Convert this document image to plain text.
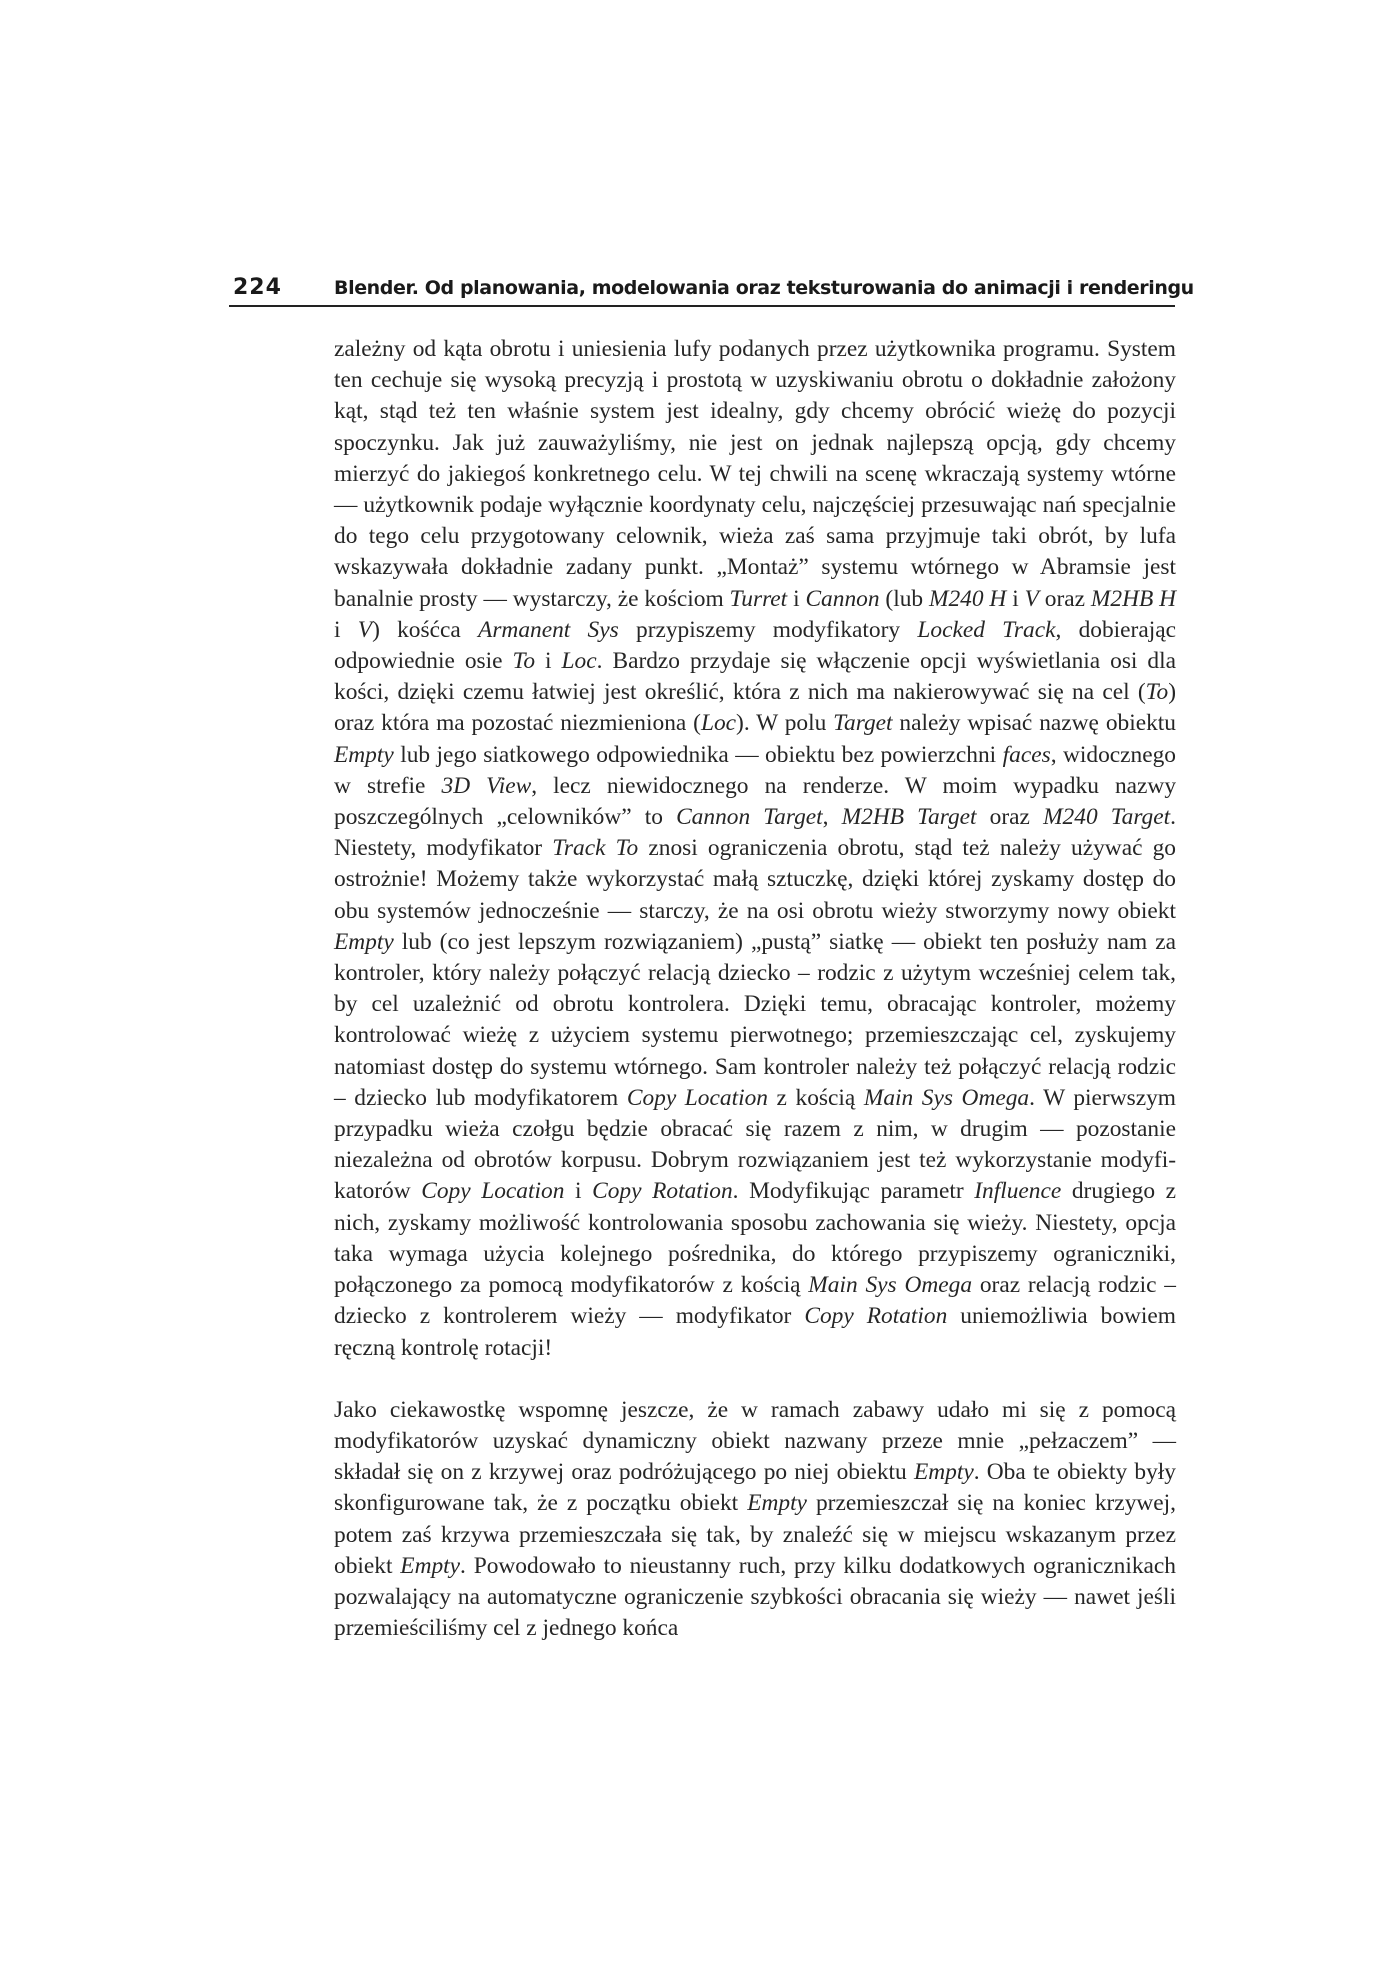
224	Blender. Od planowania, modelowania oraz teksturowania do animacji i renderingu

zależny od kąta obrotu i uniesienia lufy podanych przez użytkownika programu. System ten cechuje się wysoką precyzją i prostotą w uzyskiwaniu obrotu o dokładnie założony kąt, stąd też ten właśnie system jest idealny, gdy chcemy obrócić wieżę do pozycji spoczynku. Jak już zauważyliśmy, nie jest on jednak najlepszą opcją, gdy chcemy mierzyć do jakiegoś konkretnego celu. W tej chwili na scenę wkraczają systemy wtórne — użytkownik podaje wyłącznie koordynaty celu, najczęściej przesuwając nań specjalnie do tego celu przygotowany celownik, wieża zaś sama przyjmuje taki obrót, by lufa wskazywała dokładnie zadany punkt. „Montaż” systemu wtórnego w Abramsie jest banalnie prosty — wystarczy, że kościom Turret i Cannon (lub M240 H i V oraz M2HB H i V) kośćca Armanent Sys przypiszemy modyfikatory Locked Track, dobierając odpowiednie osie To i Loc. Bardzo przydaje się włączenie opcji wyświetlania osi dla kości, dzięki czemu łatwiej jest określić, która z nich ma nakierowywać się na cel (To) oraz która ma pozostać niezmieniona (Loc). W polu Target należy wpisać nazwę obiektu Empty lub jego siatkowego odpowiednika — obiektu bez powierzchni faces, widocznego w strefie 3D View, lecz niewidocznego na renderze. W moim wypadku nazwy poszczególnych „celowników” to Cannon Target, M2HB Target oraz M240 Target. Niestety, modyfikator Track To znosi ograniczenia obrotu, stąd też należy używać go ostrożnie! Możemy także wykorzystać małą sztuczkę, dzięki której zyskamy dostęp do obu systemów jednocześnie — starczy, że na osi obrotu wieży stworzymy nowy obiekt Empty lub (co jest lepszym rozwiązaniem) „pustą” siatkę — obiekt ten posłuży nam za kontroler, który należy połączyć relacją dziecko – rodzic z użytym wcześniej celem tak, by cel uzależnić od obrotu kontrolera. Dzięki temu, obracając kontroler, możemy kontrolować wieżę z użyciem systemu pierwotnego; przemieszczając cel, zyskujemy natomiast dostęp do systemu wtórnego. Sam kontroler należy też połączyć relacją rodzic – dziecko lub modyfikatorem Copy Location z kością Main Sys Omega. W pierwszym przypadku wieża czołgu będzie obracać się razem z nim, w drugim — pozostanie niezależna od obrotów korpusu. Dobrym rozwiązaniem jest też wykorzystanie modyfikatorów Copy Location i Copy Rotation. Modyfikując parametr Influence drugiego z nich, zyskamy możliwość kontrolowania sposobu zachowania się wieży. Niestety, opcja taka wymaga użycia kolejnego pośrednika, do którego przypiszemy ograniczniki, połączonego za pomocą modyfikatorów z kością Main Sys Omega oraz relacją rodzic – dziecko z kontrolerem wieży — modyfikator Copy Rotation uniemożliwia bowiem ręczną kontrolę rotacji!

Jako ciekawostkę wspomnę jeszcze, że w ramach zabawy udało mi się z pomocą modyfikatorów uzyskać dynamiczny obiekt nazwany przeze mnie „pełzaczem” — składał się on z krzywej oraz podróżującego po niej obiektu Empty. Oba te obiekty były skonfigurowane tak, że z początku obiekt Empty przemieszczał się na koniec krzywej, potem zaś krzywa przemieszczała się tak, by znaleźć się w miejscu wskazanym przez obiekt Empty. Powodowało to nieustanny ruch, przy kilku dodatkowych ogranicznikach pozwalający na automatyczne ograniczenie szybkości obracania się wieży — nawet jeśli przemieściliśmy cel z jednego końca
